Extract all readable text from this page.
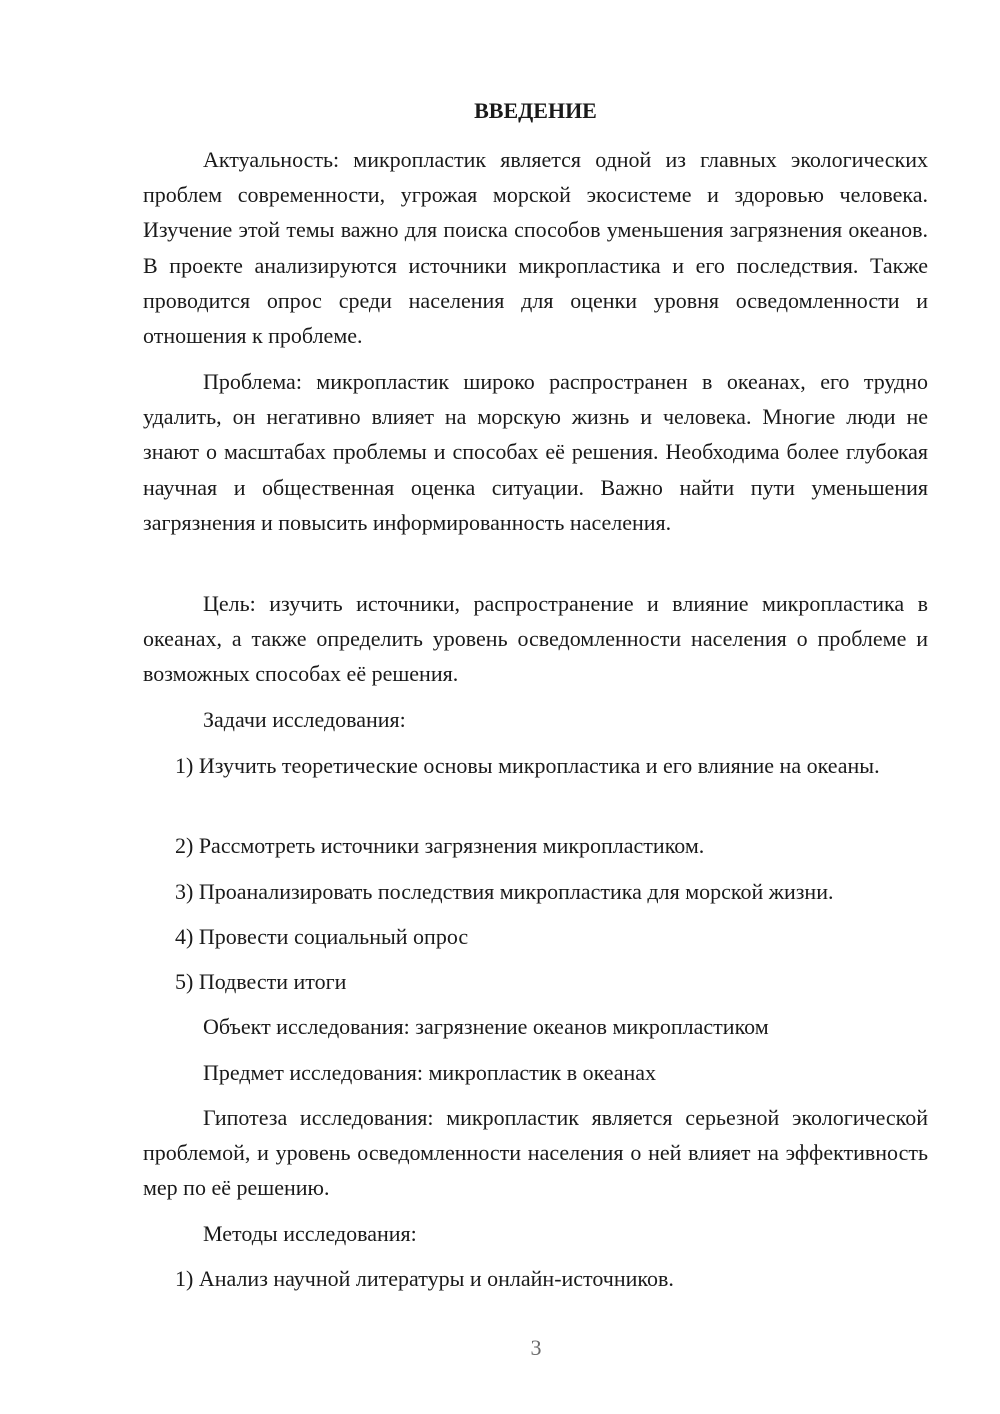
ВВЕДЕНИЕ

Актуальность: микропластик является одной из главных экологических проблем современности, угрожая морской экосистеме и здоровью человека. Изучение этой темы важно для поиска способов уменьшения загрязнения океанов. В проекте анализируются источники микропластика и его последствия. Также проводится опрос среди населения для оценки уровня осведомленности и отношения к проблеме.

Проблема: микропластик широко распространен в океанах, его трудно удалить, он негативно влияет на морскую жизнь и человека. Многие люди не знают о масштабах проблемы и способах её решения. Необходима более глубокая научная и общественная оценка ситуации. Важно найти пути уменьшения загрязнения и повысить информированность населения.

Цель: изучить источники, распространение и влияние микропластика в океанах, а также определить уровень осведомленности населения о проблеме и возможных способах её решения.

Задачи исследования:

1) Изучить теоретические основы микропластика и его влияние на океаны.

2) Рассмотреть источники загрязнения микропластиком.

3) Проанализировать последствия микропластика для морской жизни.

4) Провести социальный опрос

5) Подвести итоги

Объект исследования: загрязнение океанов микропластиком

Предмет исследования: микропластик в океанах

Гипотеза исследования: микропластик является серьезной экологической проблемой, и уровень осведомленности населения о ней влияет на эффективность мер по её решению.

Методы исследования:

1) Анализ научной литературы и онлайн-источников.

3
